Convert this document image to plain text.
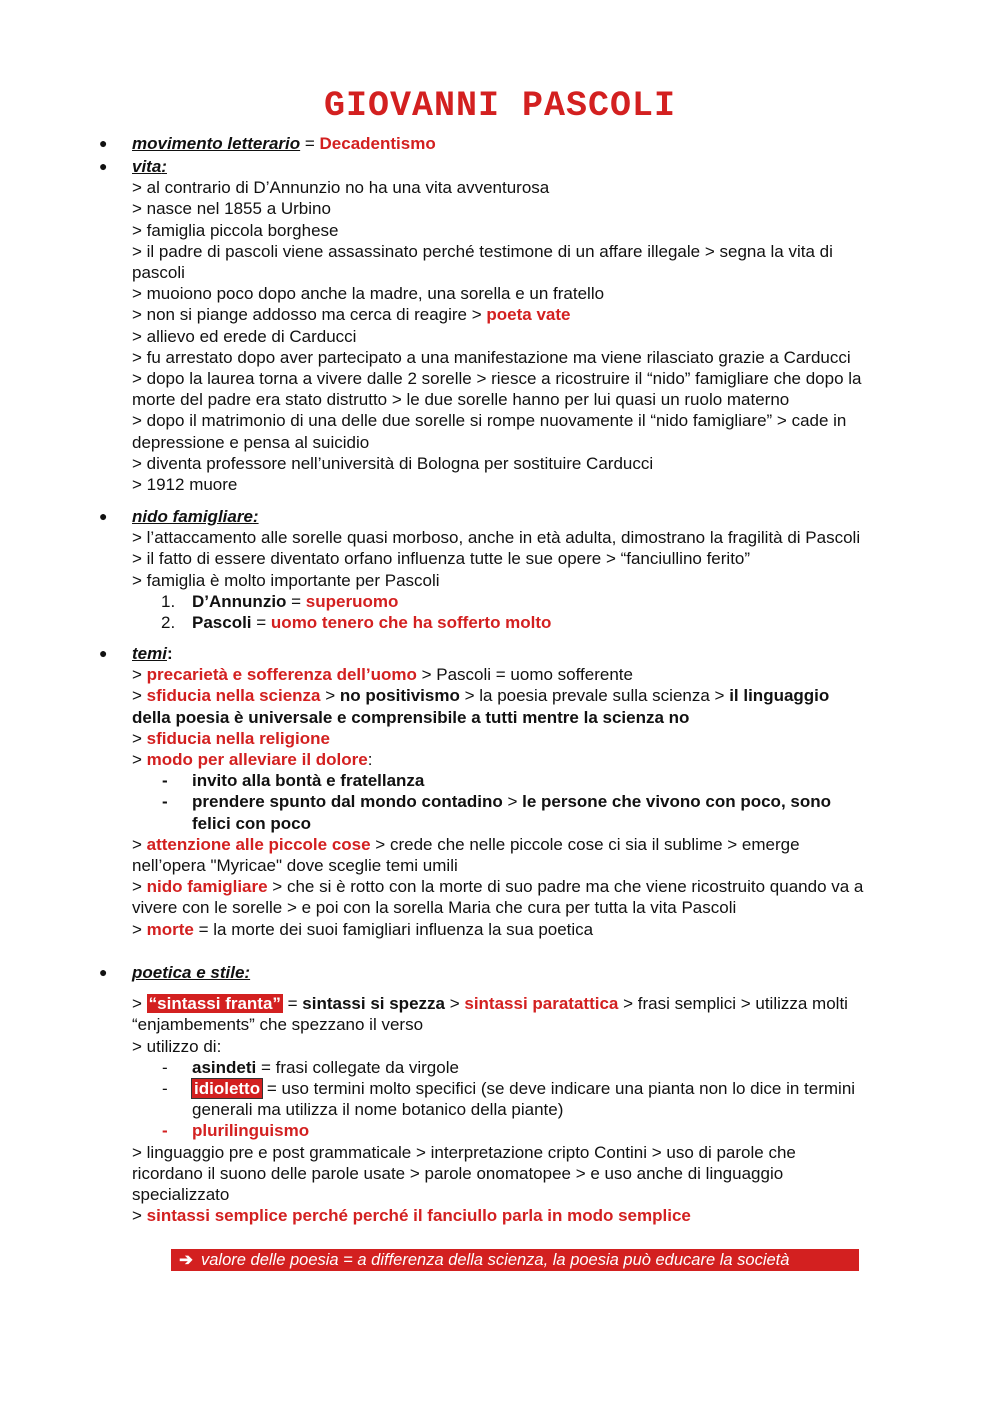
GIOVANNI PASCOLI
● movimento letterario = Decadentismo
● vita:
> al contrario di D’Annunzio no ha una vita avventurosa
> nasce nel 1855 a Urbino
> famiglia piccola borghese
> il padre di pascoli viene assassinato perché testimone di un affare illegale > segna la vita di
pascoli
> muoiono poco dopo anche la madre, una sorella e un fratello
> non si piange addosso ma cerca di reagire > poeta vate
> allievo ed erede di Carducci
> fu arrestato dopo aver partecipato a una manifestazione ma viene rilasciato grazie a Carducci
> dopo la laurea torna a vivere dalle 2 sorelle > riesce a ricostruire il “nido” famigliare che dopo la
morte del padre era stato distrutto > le due sorelle hanno per lui quasi un ruolo materno
> dopo il matrimonio di una delle due sorelle si rompe nuovamente il “nido famigliare” > cade in
depressione e pensa al suicidio
> diventa professore nell’università di Bologna per sostituire Carducci
> 1912 muore
● nido famigliare:
> l’attaccamento alle sorelle quasi morboso, anche in età adulta, dimostrano la fragilità di Pascoli
> il fatto di essere diventato orfano influenza tutte le sue opere > “fanciullino ferito”
> famiglia è molto importante per Pascoli
1. D’Annunzio = superuomo
2. Pascoli = uomo tenero che ha sofferto molto
● temi:
> precarietà e sofferenza dell’uomo > Pascoli = uomo sofferente
> sfiducia nella scienza > no positivismo > la poesia prevale sulla scienza > il linguaggio
della poesia è universale e comprensibile a tutti mentre la scienza no
> sfiducia nella religione
> modo per alleviare il dolore:
- invito alla bontà e fratellanza
- prendere spunto dal mondo contadino > le persone che vivono con poco, sono
felici con poco
> attenzione alle piccole cose > crede che nelle piccole cose ci sia il sublime > emerge
nell’opera "Myricae" dove sceglie temi umili
> nido famigliare > che si è rotto con la morte di suo padre ma che viene ricostruito quando va a
vivere con le sorelle > e poi con la sorella Maria che cura per tutta la vita Pascoli
> morte = la morte dei suoi famigliari influenza la sua poetica
● poetica e stile:
> “sintassi franta” = sintassi si spezza > sintassi paratattica > frasi semplici > utilizza molti
“enjambements” che spezzano il verso
> utilizzo di:
- asindeti = frasi collegate da virgole
- idioletto = uso termini molto specifici (se deve indicare una pianta non lo dice in termini
generali ma utilizza il nome botanico della piante)
- plurilinguismo
> linguaggio pre e post grammaticale > interpretazione cripto Contini > uso di parole che
ricordano il suono delle parole usate > parole onomatopee > e uso anche di linguaggio
specializzato
> sintassi semplice perché perché il fanciullo parla in modo semplice
➔ valore delle poesia = a differenza della scienza, la poesia può educare la società
